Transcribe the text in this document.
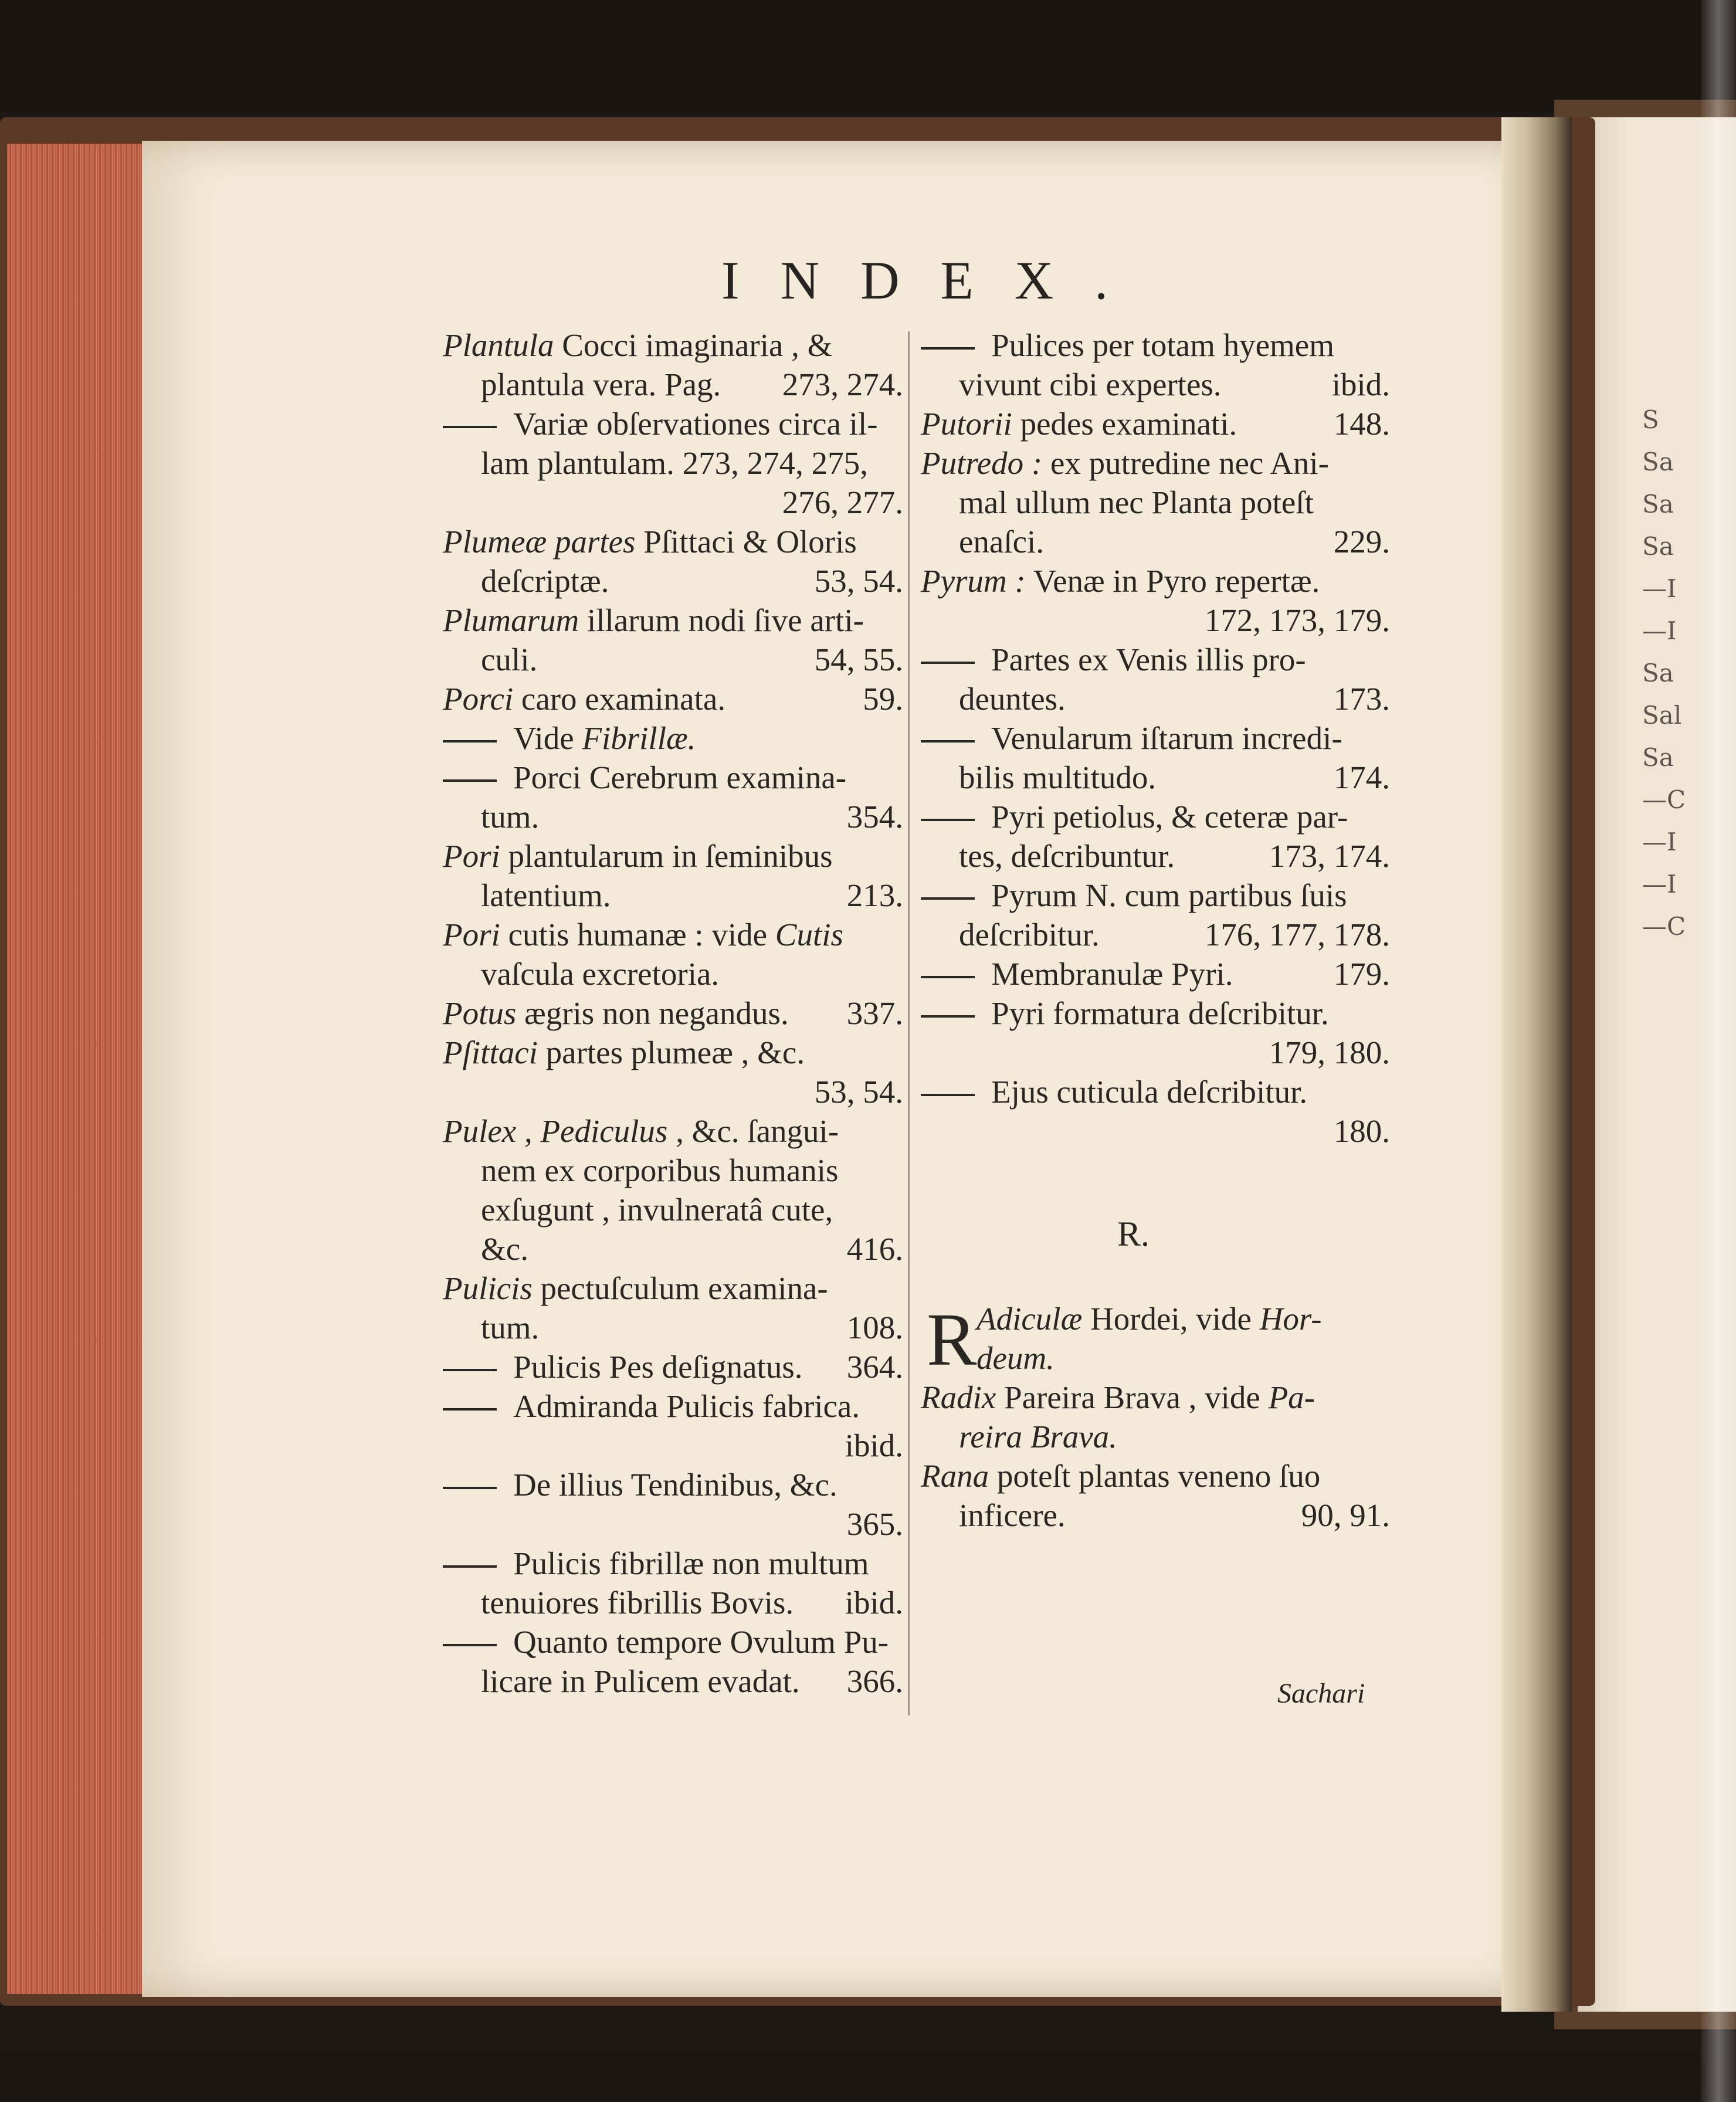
S
Sa
Sa
Sa
—I
—I
Sa
Sal
Sa
—C
—I
—I
—C
INDEX.
Plantula Cocci imaginaria , &
plantula vera. Pag. 273, 274.
Variæ obſervationes circa il-
lam plantulam. 273, 274, 275,
276, 277.
Plumeæ partes Pſittaci & Oloris
deſcriptæ.	53, 54.
Plumarum illarum nodi ſive arti-
culi.	54, 55.
Porci caro examinata.	59.
Vide Fibrillæ.
Porci Cerebrum examina-
tum.	354.
Pori plantularum in ſeminibus
latentium.	213.
Pori cutis humanæ : vide Cutis
vaſcula excretoria.
Potus ægris non negandus. 337.
Pſittaci partes plumeæ , &c.
53, 54.
Pulex , Pediculus , &c. ſangui-
nem ex corporibus humanis
exſugunt , invulneratâ cute,
&c.	416.
Pulicis pectuſculum examina-
tum.	108.
Pulicis Pes deſignatus. 364.
Admiranda Pulicis fabrica.
ibid.
De illius Tendinibus, &c.
365.
Pulicis fibrillæ non multum
tenuiores fibrillis Bovis. ibid.
Quanto tempore Ovulum Pu-
licare in Pulicem evadat. 366.
Pulices per totam hyemem
vivunt cibi expertes.	ibid.
Putorii pedes examinati.	148.
Putredo : ex putredine nec Ani-
mal ullum nec Planta poteſt
enaſci.	229.
Pyrum : Venæ in Pyro repertæ.
172, 173, 179.
Partes ex Venis illis pro-
deuntes.	173.
Venularum iſtarum incredi-
bilis multitudo.	174.
Pyri petiolus, & ceteræ par-
tes, deſcribuntur.	173, 174.
Pyrum N. cum partibus ſuis
deſcribitur.	176, 177, 178.
Membranulæ Pyri.	179.
Pyri formatura deſcribitur.
179, 180.
Ejus cuticula deſcribitur.
180.
Adiculæ Hordei, vide Hor-
deum.
Radix Pareira Brava , vide Pa-
reira Brava.
Rana poteſt plantas veneno ſuo
inficere.	90, 91.
R.
R
Sachari
